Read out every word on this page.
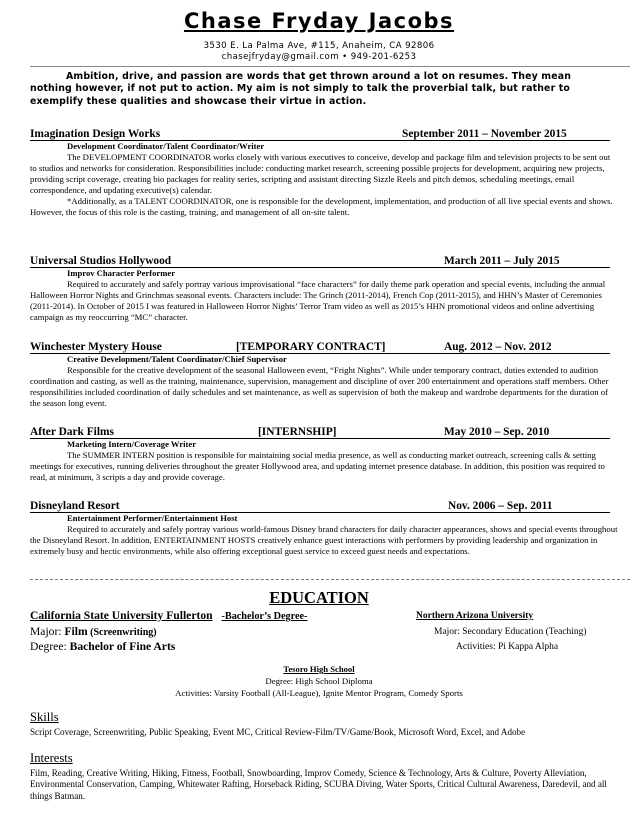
Chase Fryday Jacobs
3530 E. La Palma Ave, #115, Anaheim, CA 92806
chasejfryday@gmail.com • 949-201-6253
Ambition, drive, and passion are words that get thrown around a lot on resumes. They mean nothing however, if not put to action. My aim is not simply to talk the proverbial talk, but rather to exemplify these qualities and showcase their virtue in action.
Imagination Design Works	September 2011 – November 2015
Development Coordinator/Talent Coordinator/Writer

The DEVELOPMENT COORDINATOR works closely with various executives to conceive, develop and package film and television projects to be sent out to studios and networks for consideration. Responsibilities include: conducting market research, screening possible projects for development, acquiring new projects, providing script coverage, creating bio packages for reality series, scripting and assistant directing Sizzle Reels and pitch demos, scheduling meetings, email correspondence, and updating executive(s) calendar.

*Additionally, as a TALENT COORDINATOR, one is responsible for the development, implementation, and production of all live special events and shows. However, the focus of this role is the casting, training, and management of all on-site talent.

Universal Studios Hollywood	March 2011 – July 2015
Improv Character Performer

Required to accurately and safely portray various improvisational “face characters” for daily theme park operation and special events, including the annual Halloween Horror Nights and Grinchmas seasonal events. Characters include: The Grinch (2011-2014), French Cop (2011-2015), and HHN’s Master of Ceremonies (2011-2014). In October of 2015 I was featured in Halloween Horror Nights’ Terror Tram video as well as 2015’s HHN promotional videos and online advertising campaign as my reoccurring “MC” character.

Winchester Mystery House	[TEMPORARY CONTRACT]	Aug. 2012 – Nov. 2012
Creative Development/Talent Coordinator/Chief Supervisor

Responsible for the creative development of the seasonal Halloween event, “Fright Nights”. While under temporary contract, duties extended to audition coordination and casting, as well as the training, maintenance, supervision, management and discipline of over 200 entertainment and operations staff members. Other responsibilities included coordination of daily schedules and set maintenance, as well as supervision of both the makeup and wardrobe departments for the duration of the season long event.

After Dark Films	[INTERNSHIP]	May 2010 – Sep. 2010
Marketing Intern/Coverage Writer

The SUMMER INTERN position is responsible for maintaining social media presence, as well as conducting market outreach, screening calls & setting meetings for executives, running deliveries throughout the greater Hollywood area, and updating internet presence database. In addition, this position was required to read, at minimum, 3 scripts a day and provide coverage.

Disneyland Resort	Nov. 2006 – Sep. 2011
Entertainment Performer/Entertainment Host

Required to accurately and safely portray various world-famous Disney brand characters for daily character appearances, shows and special events throughout the Disneyland Resort. In addition, ENTERTAINMENT HOSTS creatively enhance guest interactions with performers by providing leadership and organization in extremely busy and hectic environments, while also offering exceptional guest service to exceed guest needs and expectations.

EDUCATION
California State University Fullerton -Bachelor’s Degree-	Northern Arizona University
Major: Film (Screenwriting)	Major: Secondary Education (Teaching)
Degree: Bachelor of Fine Arts	Activities: Pi Kappa Alpha
Tesoro High School
Degree: High School Diploma
Activities: Varsity Football (All-League), Ignite Mentor Program, Comedy Sports
Skills
Script Coverage, Screenwriting, Public Speaking, Event MC, Critical Review-Film/TV/Game/Book, Microsoft Word, Excel, and Adobe
Interests
Film, Reading, Creative Writing, Hiking, Fitness, Football, Snowboarding, Improv Comedy, Science & Technology, Arts & Culture, Poverty Alleviation, Environmental Conservation, Camping, Whitewater Rafting, Horseback Riding, SCUBA Diving, Water Sports, Critical Cultural Awareness, Daredevil, and all things Batman.
